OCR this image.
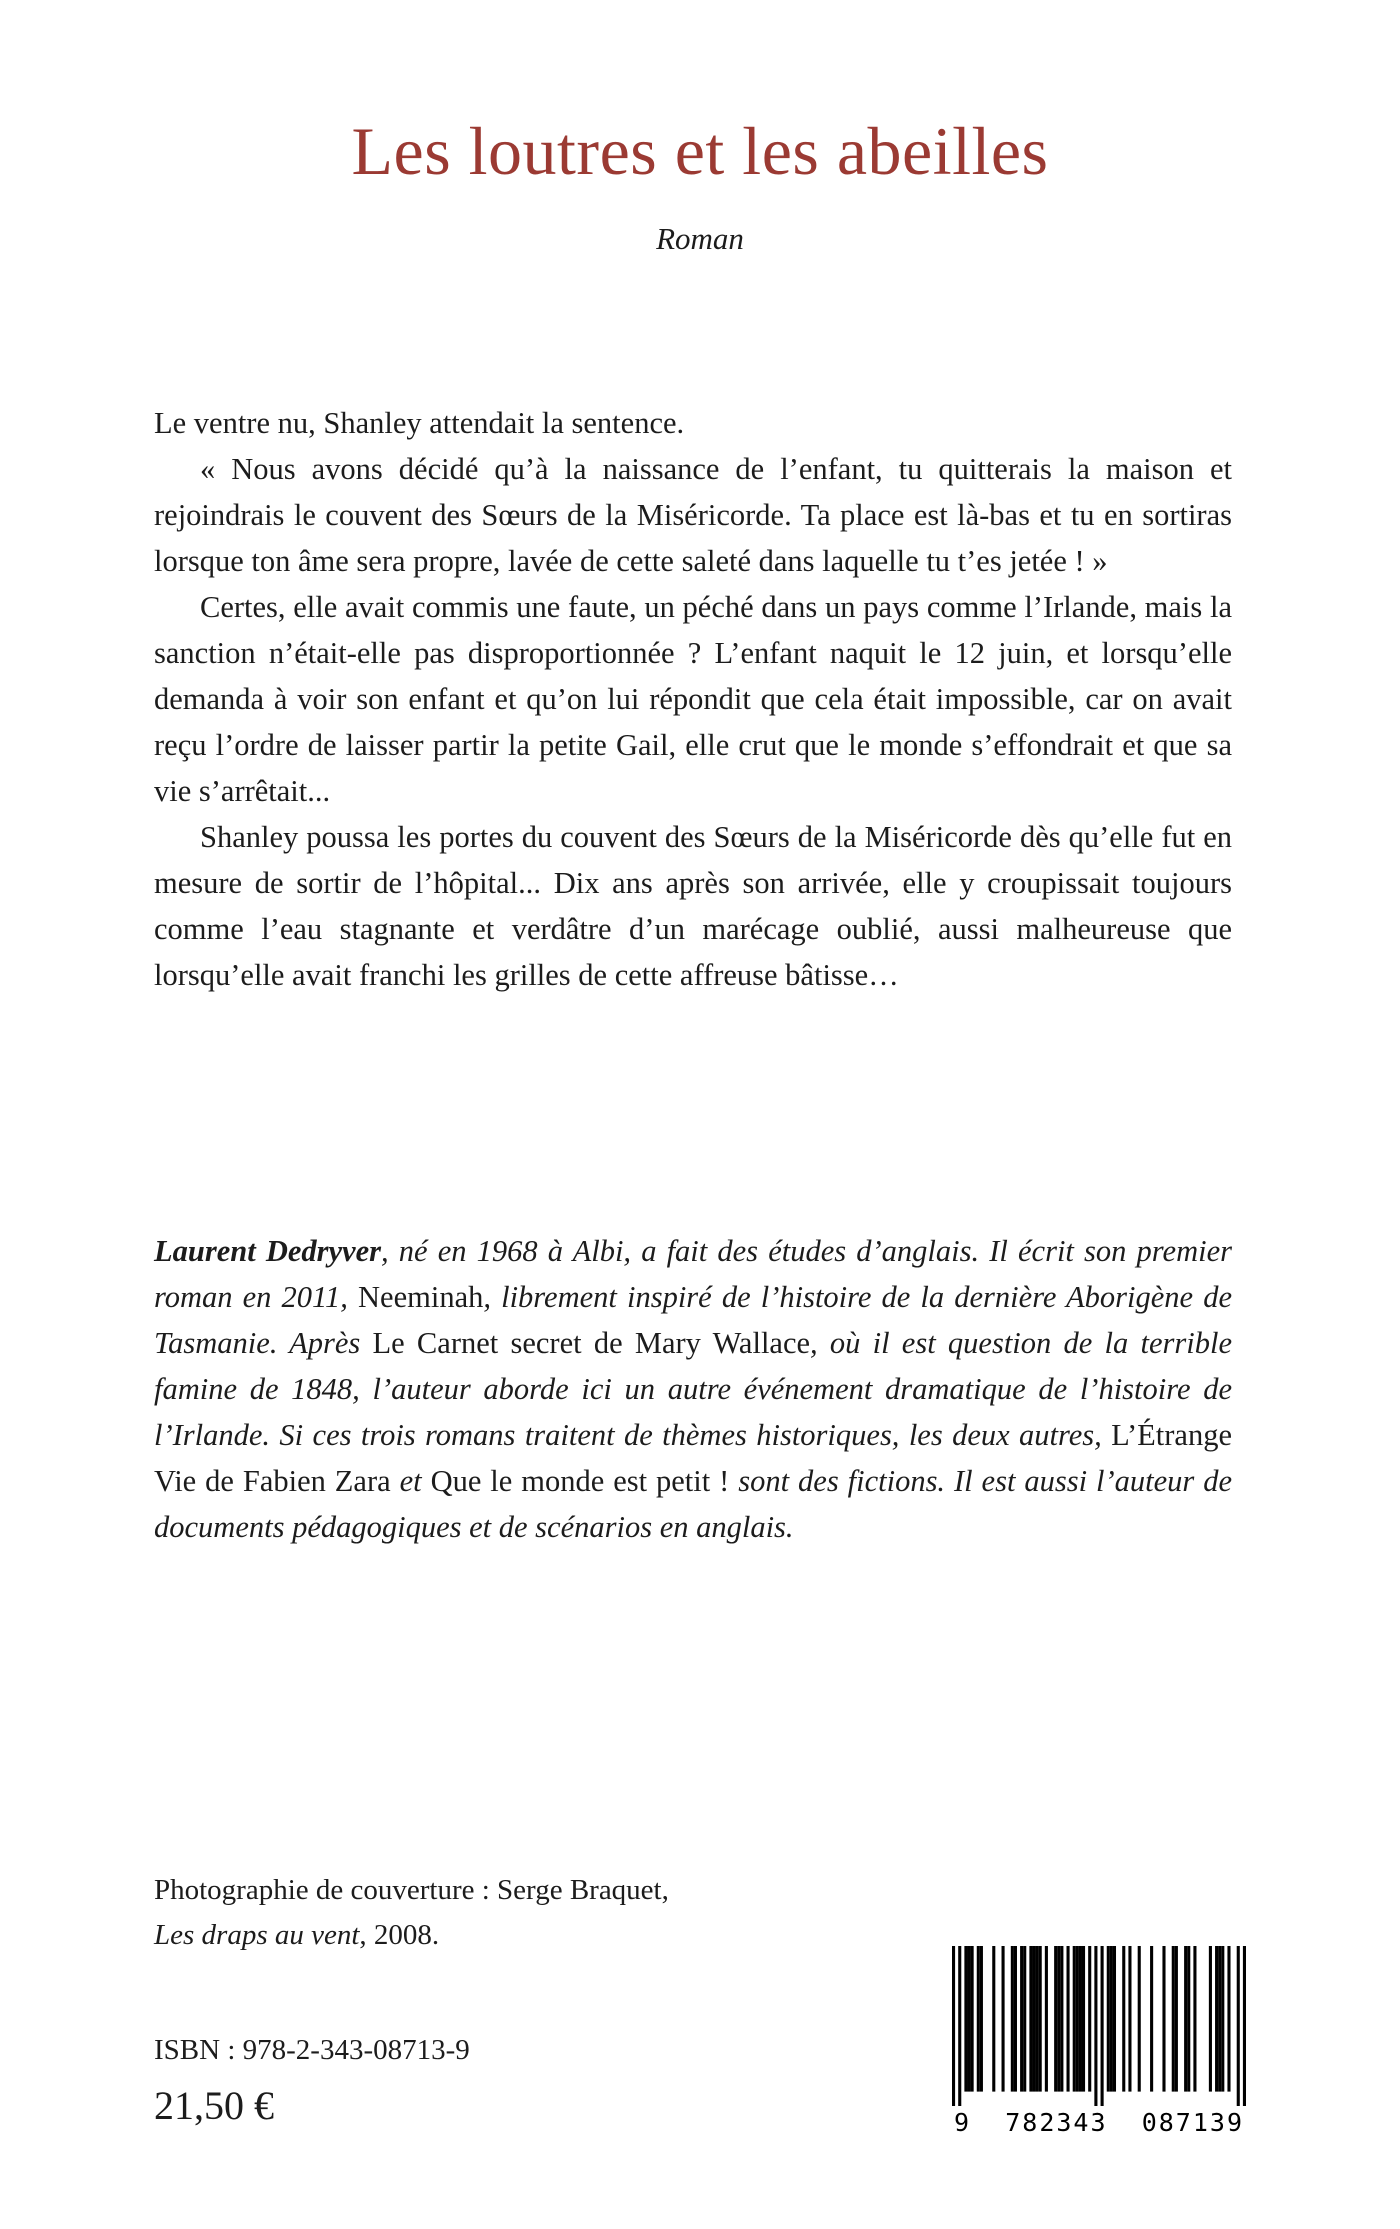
Les loutres et les abeilles
Roman

Le ventre nu, Shanley attendait la sentence.

« Nous avons décidé qu’à la naissance de l’enfant, tu quitterais la maison et rejoindrais le couvent des Sœurs de la Miséricorde. Ta place est là-bas et tu en sortiras lorsque ton âme sera propre, lavée de cette saleté dans laquelle tu t’es jetée ! »

Certes, elle avait commis une faute, un péché dans un pays comme l’Irlande, mais la sanction n’était-elle pas disproportionnée ? L’enfant naquit le 12 juin, et lorsqu’elle demanda à voir son enfant et qu’on lui répondit que cela était impossible, car on avait reçu l’ordre de laisser partir la petite Gail, elle crut que le monde s’effondrait et que sa vie s’arrêtait...

Shanley poussa les portes du couvent des Sœurs de la Miséricorde dès qu’elle fut en mesure de sortir de l’hôpital... Dix ans après son arrivée, elle y croupissait toujours comme l’eau stagnante et verdâtre d’un marécage oublié, aussi malheureuse que lorsqu’elle avait franchi les grilles de cette affreuse bâtisse…

Laurent Dedryver, né en 1968 à Albi, a fait des études d’anglais. Il écrit son premier roman en 2011, Neeminah, librement inspiré de l’histoire de la dernière Aborigène de Tasmanie. Après Le Carnet secret de Mary Wallace, où il est question de la terrible famine de 1848, l’auteur aborde ici un autre événement dramatique de l’histoire de l’Irlande. Si ces trois romans traitent de thèmes historiques, les deux autres, L’Étrange Vie de Fabien Zara et Que le monde est petit ! sont des fictions. Il est aussi l’auteur de documents pédagogiques et de scénarios en anglais.

Photographie de couverture : Serge Braquet,

Les draps au vent, 2008.

ISBN : 978-2-343-08713-9
21,50 €	9 782343 087139
